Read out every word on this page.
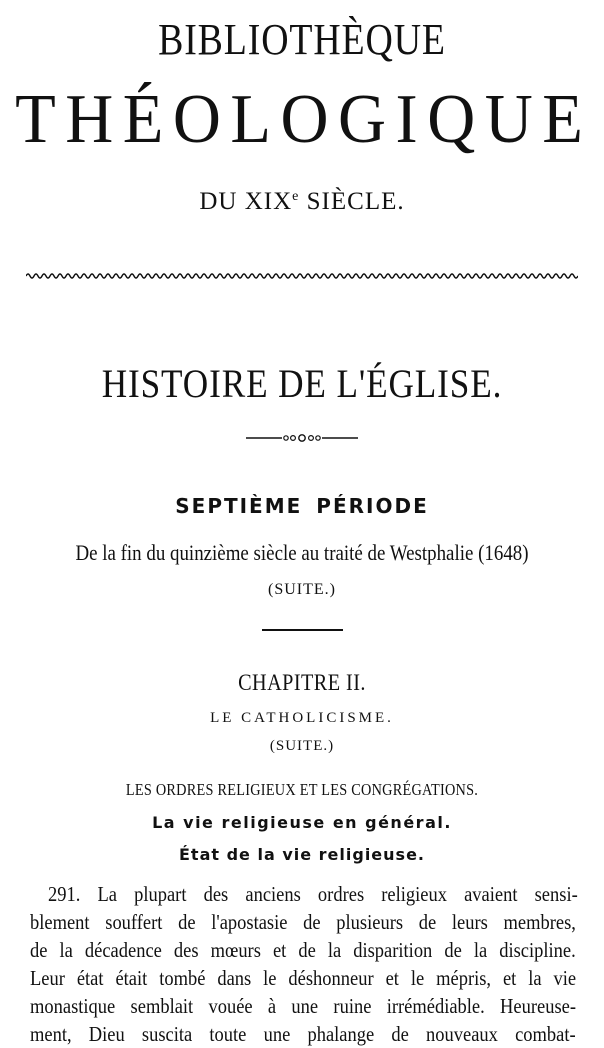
BIBLIOTHÈQUE
THÉOLOGIQUE
DU XIXe SIÈCLE.
HISTOIRE DE L'ÉGLISE.
SEPTIÈME PÉRIODE
De la fin du quinzième siècle au traité de Westphalie (1648)
(SUITE.)
CHAPITRE II.
LE CATHOLICISME.
(SUITE.)
LES ORDRES RELIGIEUX ET LES CONGRÉGATIONS.
La vie religieuse en général.
État de la vie religieuse.
291. La plupart des anciens ordres religieux avaient sensi-
blement souffert de l'apostasie de plusieurs de leurs membres,
de la décadence des mœurs et de la disparition de la discipline.
Leur état était tombé dans le déshonneur et le mépris, et la vie
monastique semblait vouée à une ruine irrémédiable. Heureuse-
ment, Dieu suscita toute une phalange de nouveaux combat-
